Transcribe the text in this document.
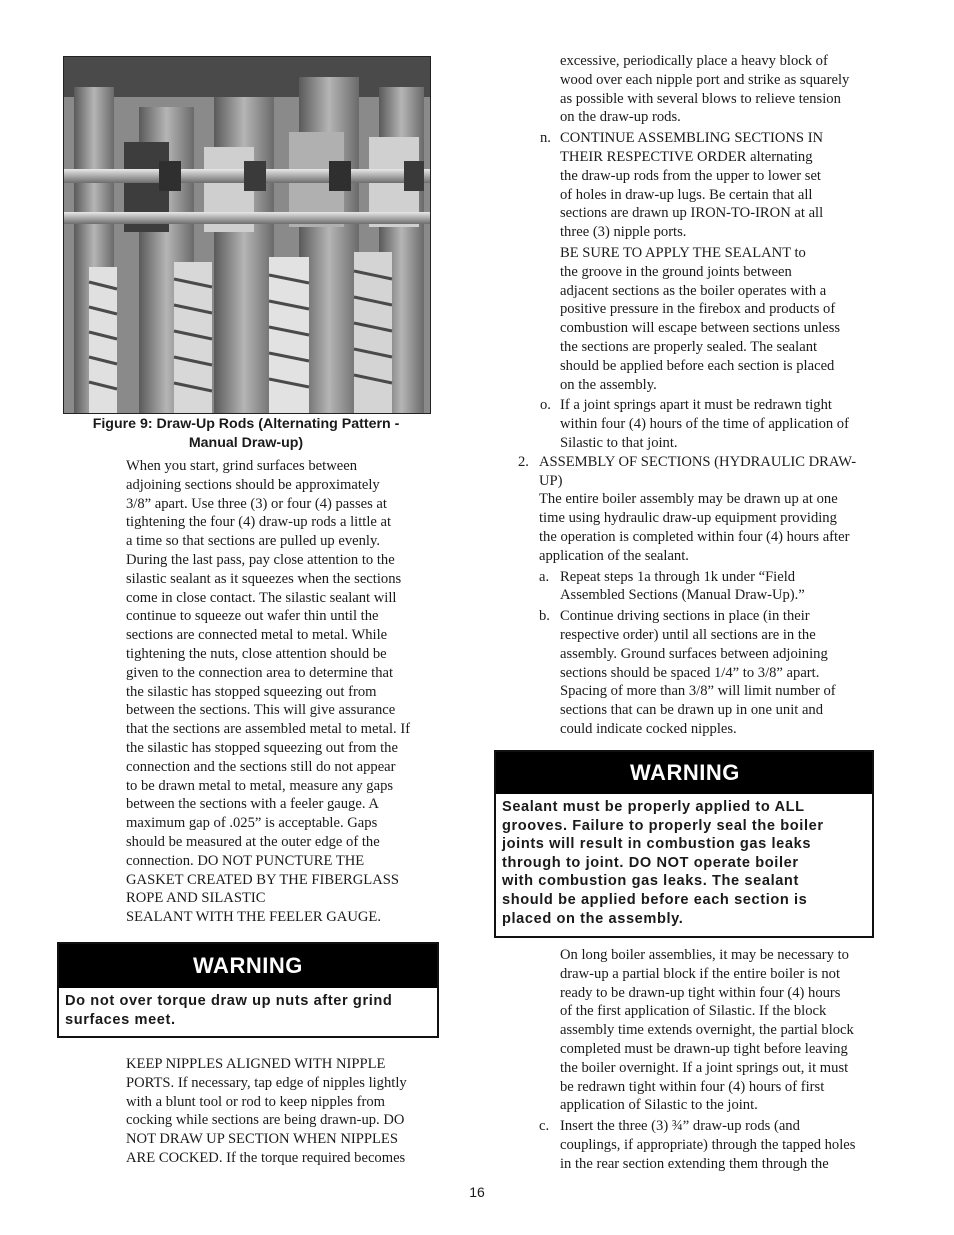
Figure 9: Draw-Up Rods (Alternating Pattern -
Manual Draw-up)

When you start, grind surfaces between
adjoining sections should be approximately
3/8” apart. Use three (3) or four (4) passes at
tightening the four (4) draw-up rods a little at
a time so that sections are pulled up evenly.
During the last pass, pay close attention to the
silastic sealant as it squeezes when the sections
come in close contact. The silastic sealant will
continue to squeeze out wafer thin until the
sections are connected metal to metal. While
tightening the nuts, close attention should be
given to the connection area to determine that
the silastic has stopped squeezing out from
between the sections. This will give assurance
that the sections are assembled metal to metal. If
the silastic has stopped squeezing out from the
connection and the sections still do not appear
to be drawn metal to metal, measure any gaps
between the sections with a feeler gauge. A
maximum gap of .025” is acceptable. Gaps
should be measured at the outer edge of the
connection. DO NOT PUNCTURE THE
GASKET CREATED BY THE FIBERGLASS
ROPE AND SILASTIC
SEALANT WITH THE FEELER GAUGE.

WARNING
Do not over torque draw up nuts after grind
surfaces meet.

KEEP NIPPLES ALIGNED WITH NIPPLE
PORTS. If necessary, tap edge of nipples lightly
with a blunt tool or rod to keep nipples from
cocking while sections are being drawn-up. DO
NOT DRAW UP SECTION WHEN NIPPLES
ARE COCKED. If the torque required becomes

excessive, periodically place a heavy block of
wood over each nipple port and strike as squarely
as possible with several blows to relieve tension
on the draw-up rods.
n. CONTINUE ASSEMBLING SECTIONS IN
THEIR RESPECTIVE ORDER alternating
the draw-up rods from the upper to lower set
of holes in draw-up lugs. Be certain that all
sections are drawn up IRON-TO-IRON at all
three (3) nipple ports.
BE SURE TO APPLY THE SEALANT to
the groove in the ground joints between
adjacent sections as the boiler operates with a
positive pressure in the firebox and products of
combustion will escape between sections unless
the sections are properly sealed. The sealant
should be applied before each section is placed
on the assembly.
o. If a joint springs apart it must be redrawn tight
within four (4) hours of the time of application of
Silastic to that joint.
2. ASSEMBLY OF SECTIONS (HYDRAULIC DRAW-
UP)
The entire boiler assembly may be drawn up at one
time using hydraulic draw-up equipment providing
the operation is completed within four (4) hours after
application of the sealant.
a. Repeat steps 1a through 1k under “Field
Assembled Sections (Manual Draw-Up).”
b. Continue driving sections in place (in their
respective order) until all sections are in the
assembly. Ground surfaces between adjoining
sections should be spaced 1/4” to 3/8” apart.
Spacing of more than 3/8” will limit number of
sections that can be drawn up in one unit and
could indicate cocked nipples.
WARNING
Sealant must be properly applied to ALL
grooves. Failure to properly seal the boiler
joints will result in combustion gas leaks
through to joint. DO NOT operate boiler
with combustion gas leaks. The sealant
should be applied before each section is
placed on the assembly.
On long boiler assemblies, it may be necessary to
draw-up a partial block if the entire boiler is not
ready to be drawn-up tight within four (4) hours
of the first application of Silastic. If the block
assembly time extends overnight, the partial block
completed must be drawn-up tight before leaving
the boiler overnight. If a joint springs out, it must
be redrawn tight within four (4) hours of first
application of Silastic to the joint.
c. Insert the three (3) ¾” draw-up rods (and
couplings, if appropriate) through the tapped holes
in the rear section extending them through the
16
